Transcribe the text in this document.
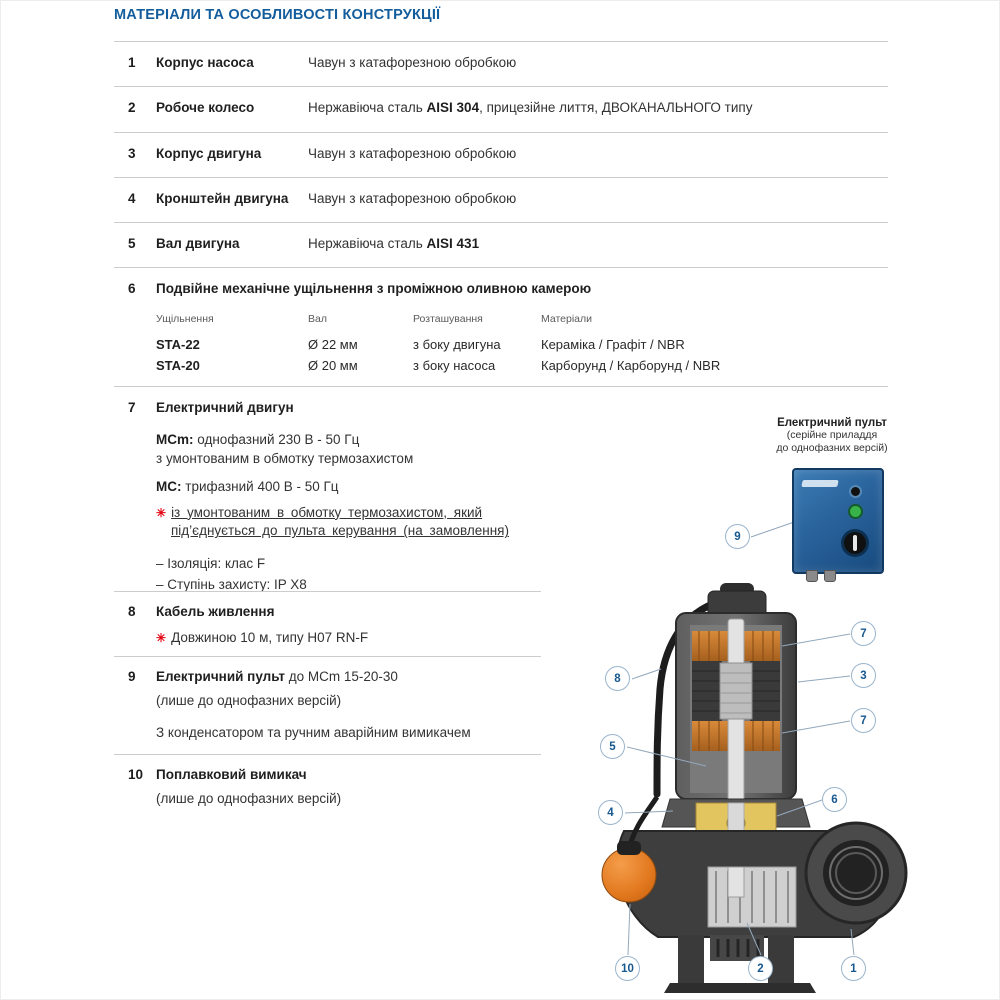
МАТЕРІАЛИ ТА ОСОБЛИВОСТІ КОНСТРУКЦІЇ
1	Корпус насоса	Чавун з катафорезною обробкою
2	Робоче колесо	Нержавіюча сталь AISI 304, прицезійне лиття, ДВОКАНАЛЬНОГО типу
3	Корпус двигуна	Чавун з катафорезною обробкою
4	Кронштейн двигуна	Чавун з катафорезною обробкою
5	Вал двигуна	Нержавіюча сталь AISI 431
6	Подвійне механічне ущільнення з проміжною оливною камерою
Ущільнення	Вал	Розташування	Матеріали
STA-22	Ø 22 мм	з боку двигуна	Кераміка / Графіт / NBR
STA-20	Ø 20 мм	з боку насоса	Карборунд / Карборунд / NBR
7	Електричний двигун
MCm: однофазний 230 В - 50 Гц
з умонтованим в обмотку термозахистом
MC: трифазний 400 В - 50 Гц
✳ із умонтованим в обмотку термозахистом, який
під’єднується до пульта керування (на замовлення)
– Ізоляція: клас F
– Ступінь захисту: IP X8
8	Кабель живлення
✳ Довжиною 10 м, типу H07 RN-F
9	Електричний пульт до MCm 15-20-30
(лише до однофазних версій)
З конденсатором та ручним аварійним вимикачем
10 Поплавковий вимикач
(лише до однофазних версій)
Електричний пульт
(серійне приладдя
до однофазних версій)
9
7
3
7
8
5
6
4
10	2	1
